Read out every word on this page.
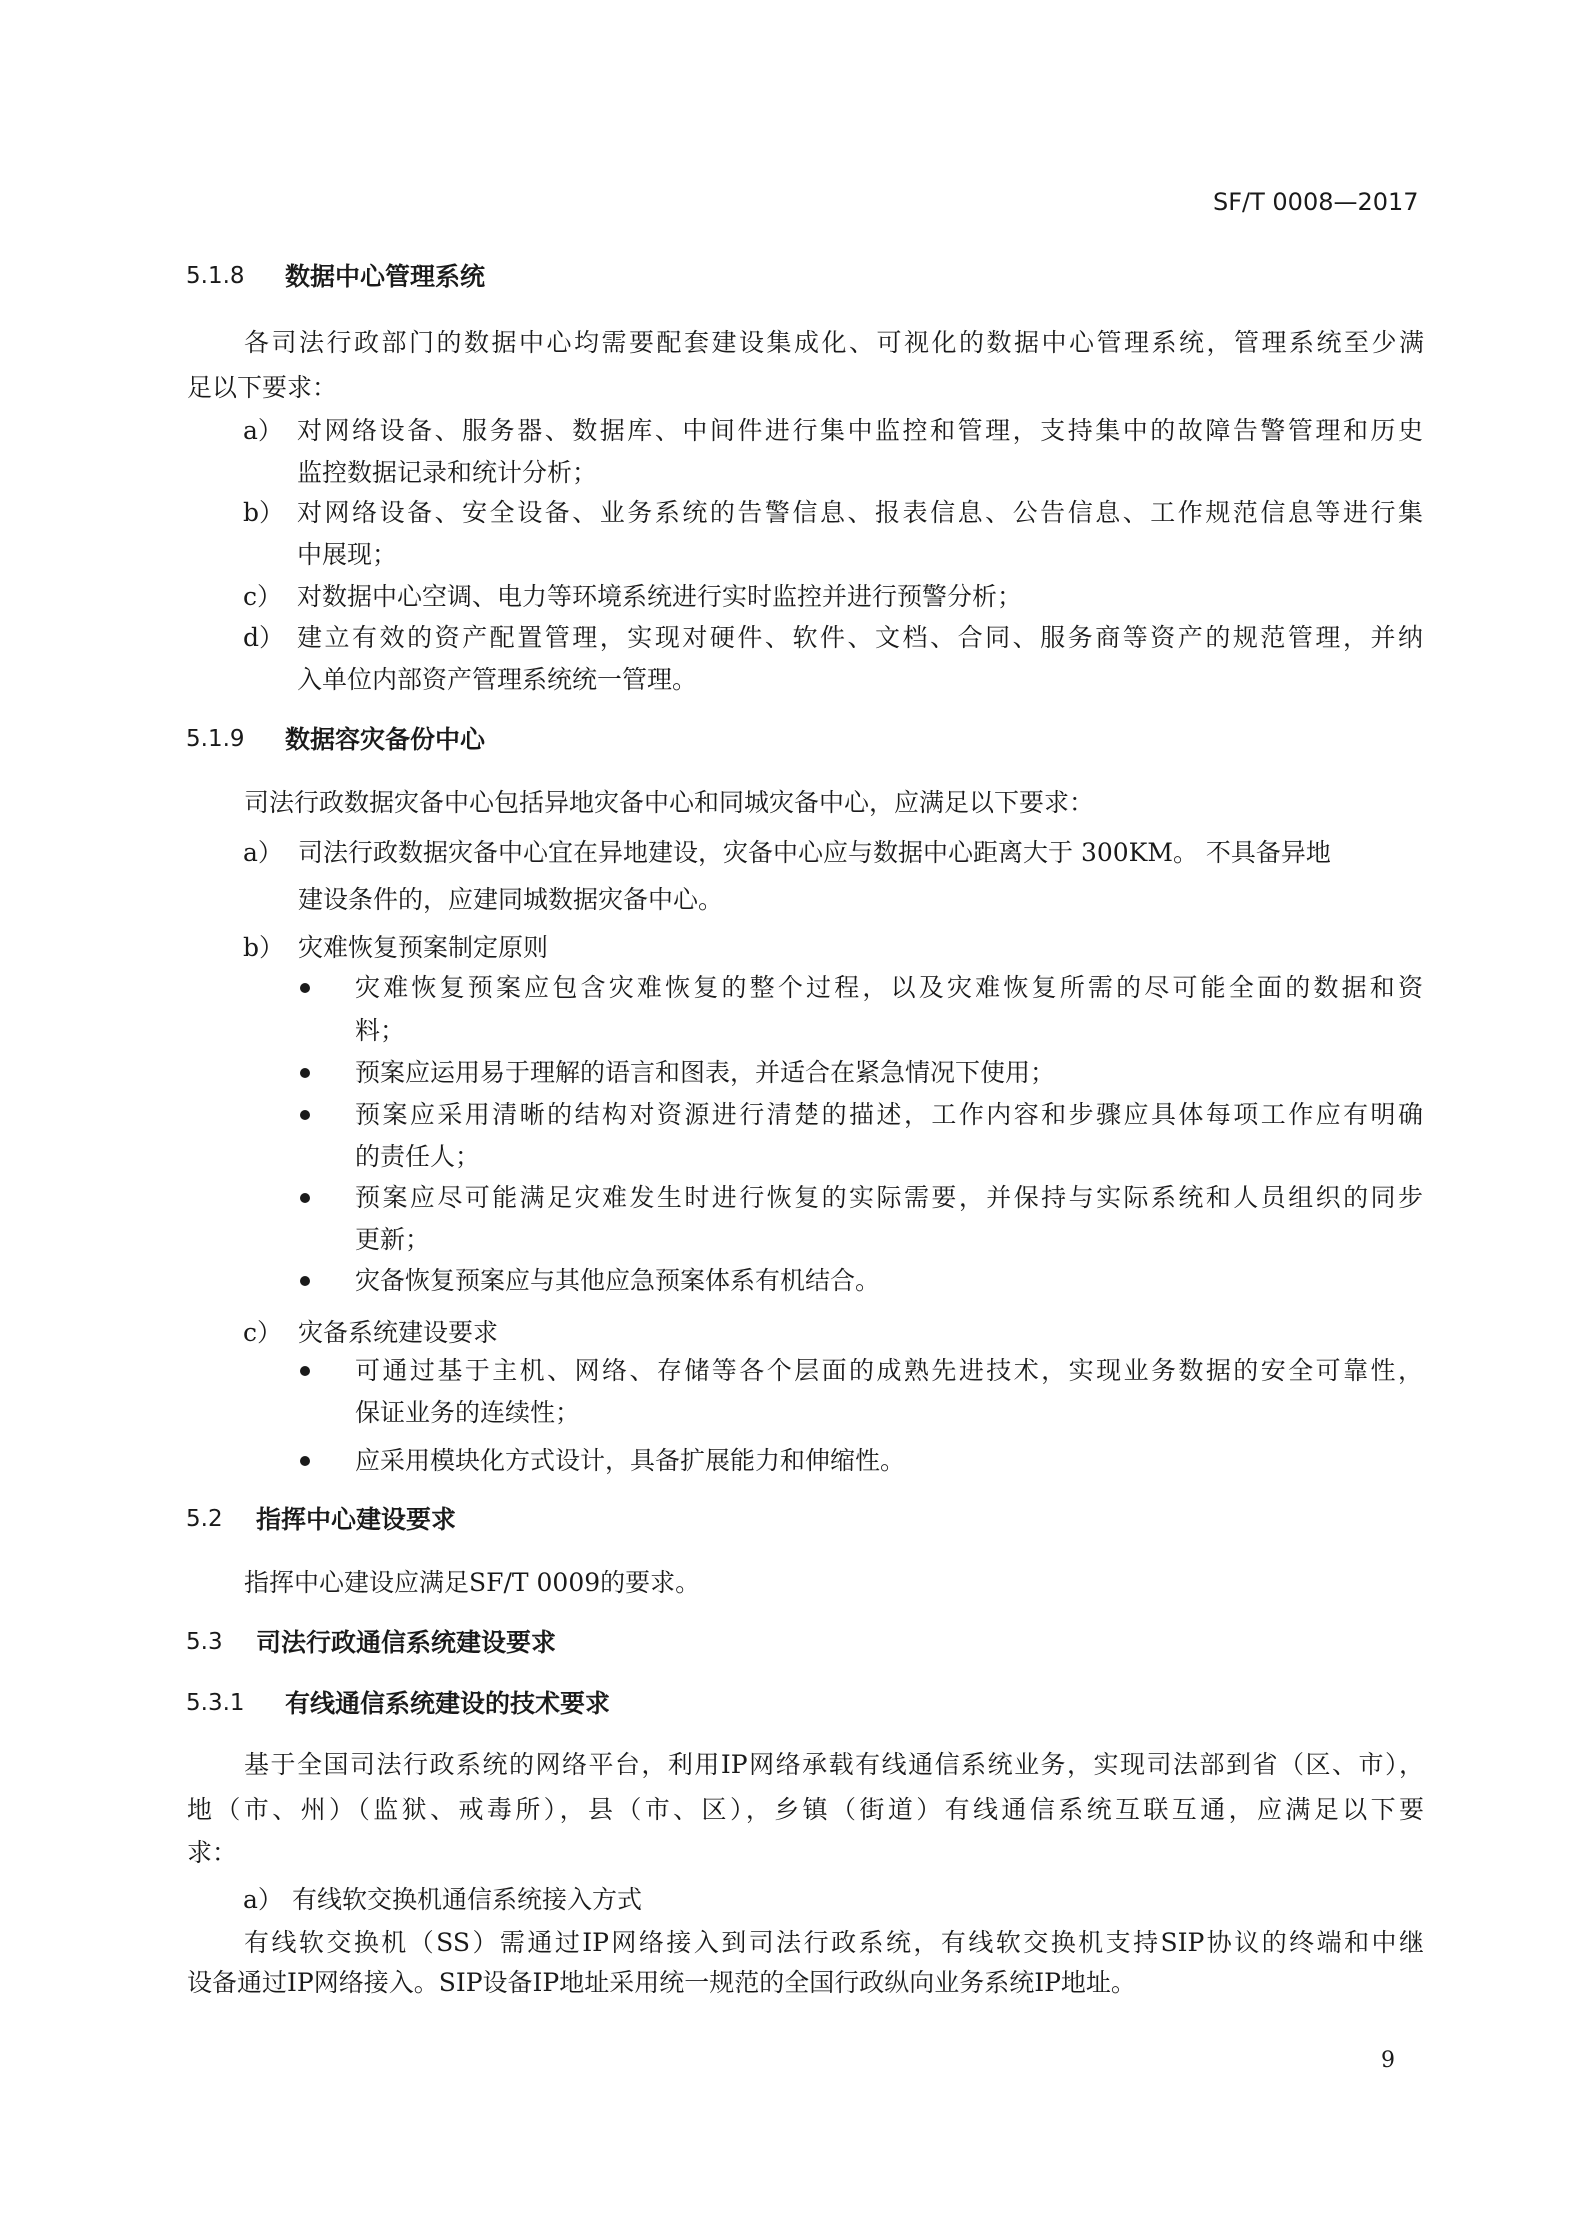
SF/T 0008—2017
5.1.8 数据中心管理系统
各司法行政部门的数据中心均需要配套建设集成化、可视化的数据中心管理系统，管理系统至少满
足以下要求：
a） 对网络设备、服务器、数据库、中间件进行集中监控和管理，支持集中的故障告警管理和历史
监控数据记录和统计分析；
b） 对网络设备、安全设备、业务系统的告警信息、报表信息、公告信息、工作规范信息等进行集
中展现；
c） 对数据中心空调、电力等环境系统进行实时监控并进行预警分析；
d） 建立有效的资产配置管理，实现对硬件、软件、文档、合同、服务商等资产的规范管理，并纳
入单位内部资产管理系统统一管理。
5.1.9 数据容灾备份中心
司法行政数据灾备中心包括异地灾备中心和同城灾备中心，应满足以下要求：
a） 司法行政数据灾备中心宜在异地建设，灾备中心应与数据中心距离大于 300KM。 不具备异地
建设条件的，应建同城数据灾备中心。
b） 灾难恢复预案制定原则
灾难恢复预案应包含灾难恢复的整个过程，以及灾难恢复所需的尽可能全面的数据和资
料；
预案应运用易于理解的语言和图表，并适合在紧急情况下使用；
预案应采用清晰的结构对资源进行清楚的描述，工作内容和步骤应具体每项工作应有明确
的责任人；
预案应尽可能满足灾难发生时进行恢复的实际需要，并保持与实际系统和人员组织的同步
更新；
灾备恢复预案应与其他应急预案体系有机结合。
c） 灾备系统建设要求
可通过基于主机、网络、存储等各个层面的成熟先进技术，实现业务数据的安全可靠性，
保证业务的连续性；
应采用模块化方式设计，具备扩展能力和伸缩性。
5.2 指挥中心建设要求
指挥中心建设应满足SF/T 0009的要求。
5.3 司法行政通信系统建设要求
5.3.1 有线通信系统建设的技术要求
基于全国司法行政系统的网络平台，利用IP网络承载有线通信系统业务，实现司法部到省（区、市），
地（市、州）（监狱、戒毒所），县（市、区），乡镇（街道）有线通信系统互联互通，应满足以下要
求：
a） 有线软交换机通信系统接入方式
有线软交换机（SS）需通过IP网络接入到司法行政系统，有线软交换机支持SIP协议的终端和中继
设备通过IP网络接入。SIP设备IP地址采用统一规范的全国行政纵向业务系统IP地址。
9
